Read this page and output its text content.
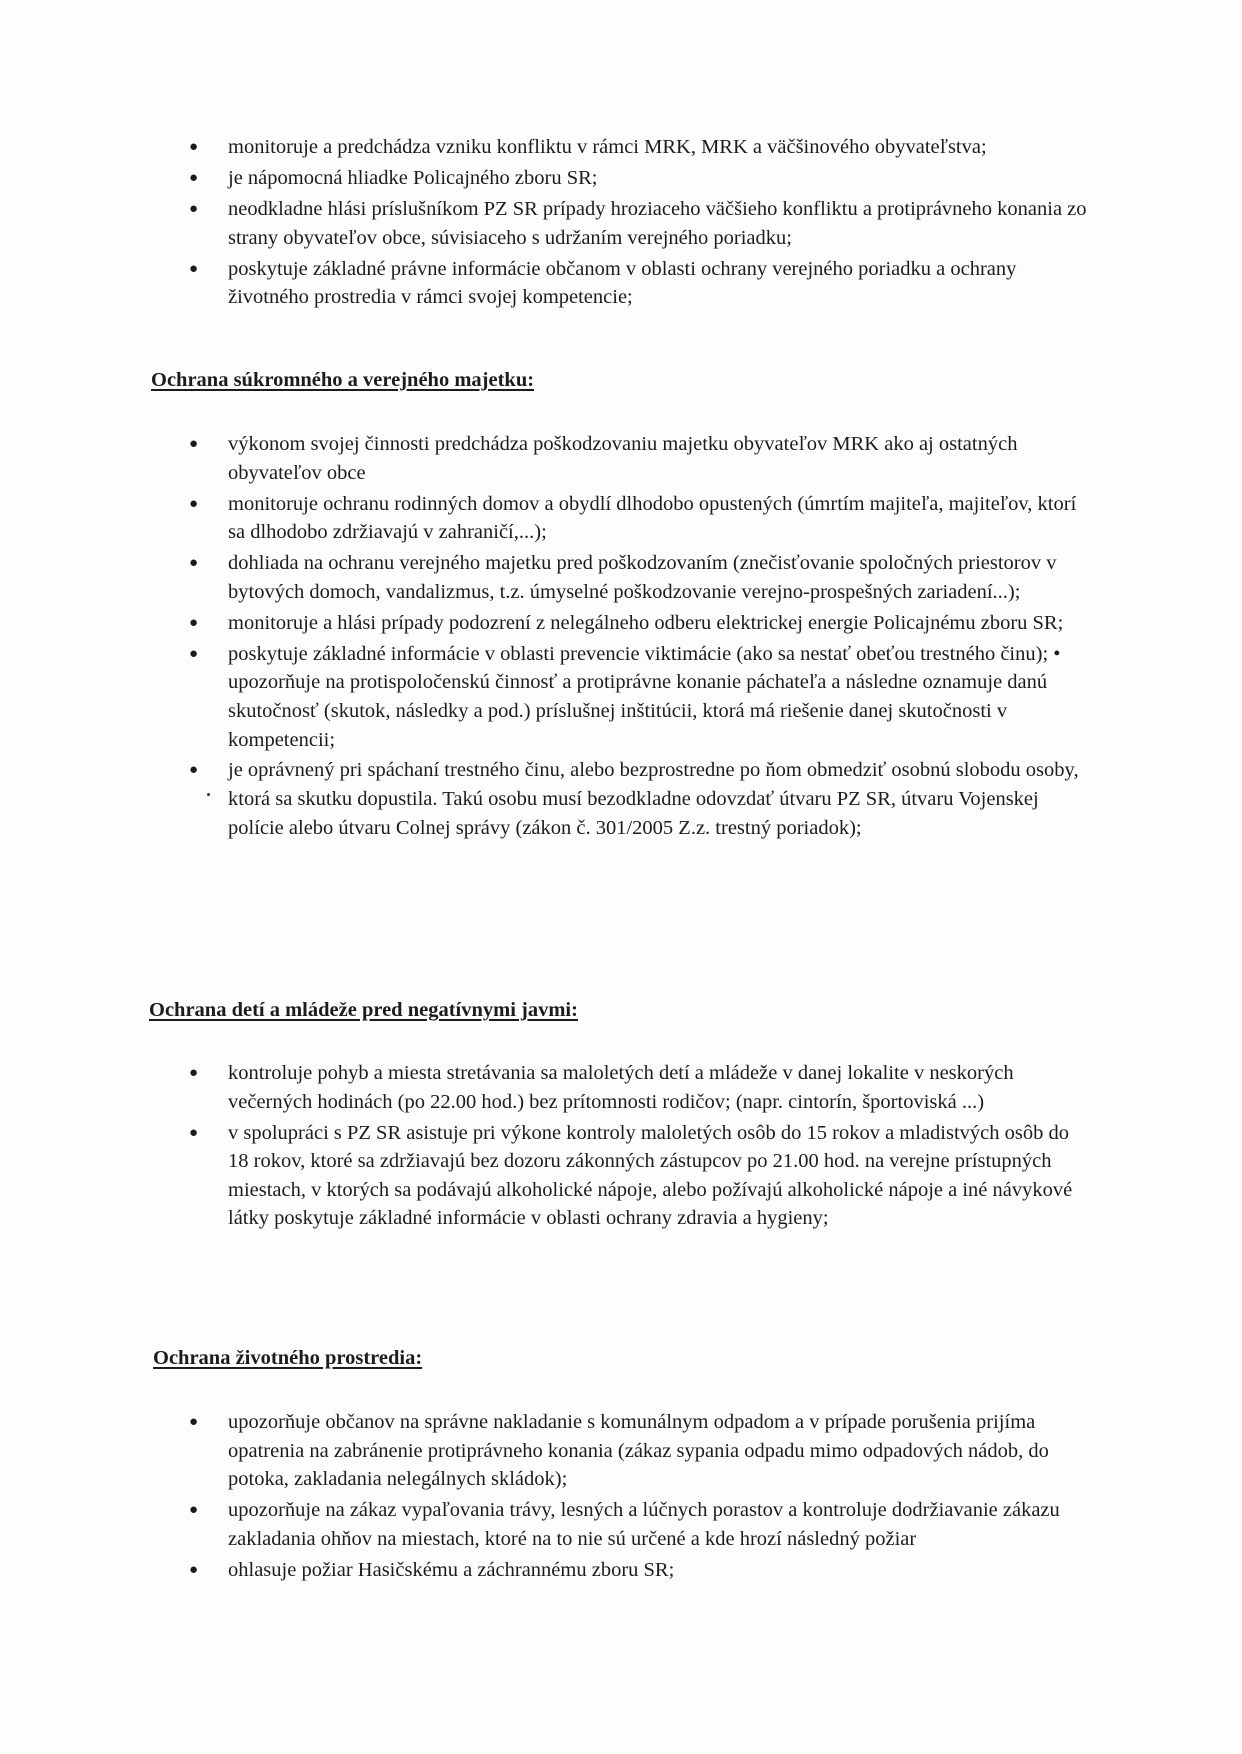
● monitoruje a predchádza vzniku konfliktu v rámci MRK, MRK a väčšinového obyvateľstva;
● je nápomocná hliadke Policajného zboru SR;
● neodkladne hlási príslušníkom PZ SR prípady hroziaceho väčšieho konfliktu a protiprávneho konania zo strany obyvateľov obce, súvisiaceho s udržaním verejného poriadku;
● poskytuje základné právne informácie občanom v oblasti ochrany verejného poriadku a ochrany životného prostredia v rámci svojej kompetencie;
Ochrana súkromného a verejného majetku:
● výkonom svojej činnosti predchádza poškodzovaniu majetku obyvateľov MRK ako aj ostatných obyvateľov obce
● monitoruje ochranu rodinných domov a obydlí dlhodobo opustených (úmrtím majiteľa, majiteľov, ktorí sa dlhodobo zdržiavajú v zahraničí,...);
● dohliada na ochranu verejného majetku pred poškodzovaním (znečisťovanie spoločných priestorov v bytových domoch, vandalizmus, t.z. úmyselné poškodzovanie verejno-prospešných zariadení...);
● monitoruje a hlási prípady podozrení z nelegálneho odberu elektrickej energie Policajnému zboru SR;
● poskytuje základné informácie v oblasti prevencie viktimácie (ako sa nestať obeťou trestného činu); • upozorňuje na protispoločenskú činnosť a protiprávne konanie páchateľa a následne oznamuje danú skutočnosť (skutok, následky a pod.) príslušnej inštitúcii, ktorá má riešenie danej skutočnosti v kompetencii;
● je oprávnený pri spáchaní trestného činu, alebo bezprostredne po ňom obmedziť osobnú slobodu osoby, ktorá sa skutku dopustila. Takú osobu musí bezodkladne odovzdať útvaru PZ SR, útvaru Vojenskej polície alebo útvaru Colnej správy (zákon č. 301/2005 Z.z. trestný poriadok);
Ochrana detí a mládeže pred negatívnymi javmi:
● kontroluje pohyb a miesta stretávania sa maloletých detí a mládeže v danej lokalite v neskorých večerných hodinách (po 22.00 hod.) bez prítomnosti rodičov; (napr. cintorín, športoviská ...)
● v spolupráci s PZ SR asistuje pri výkone kontroly maloletých osôb do 15 rokov a mladistvých osôb do 18 rokov, ktoré sa zdržiavajú bez dozoru zákonných zástupcov po 21.00 hod. na verejne prístupných miestach, v ktorých sa podávajú alkoholické nápoje, alebo požívajú alkoholické nápoje a iné návykové látky poskytuje základné informácie v oblasti ochrany zdravia a hygieny;
Ochrana životného prostredia:
● upozorňuje občanov na správne nakladanie s komunálnym odpadom a v prípade porušenia prijíma opatrenia na zabránenie protiprávneho konania (zákaz sypania odpadu mimo odpadových nádob, do potoka, zakladania nelegálnych skládok);
● upozorňuje na zákaz vypaľovania trávy, lesných a lúčnych porastov a kontroluje dodržiavanie zákazu zakladania ohňov na miestach, ktoré na to nie sú určené a kde hrozí následný požiar
● ohlasuje požiar Hasičskému a záchrannému zboru SR;
